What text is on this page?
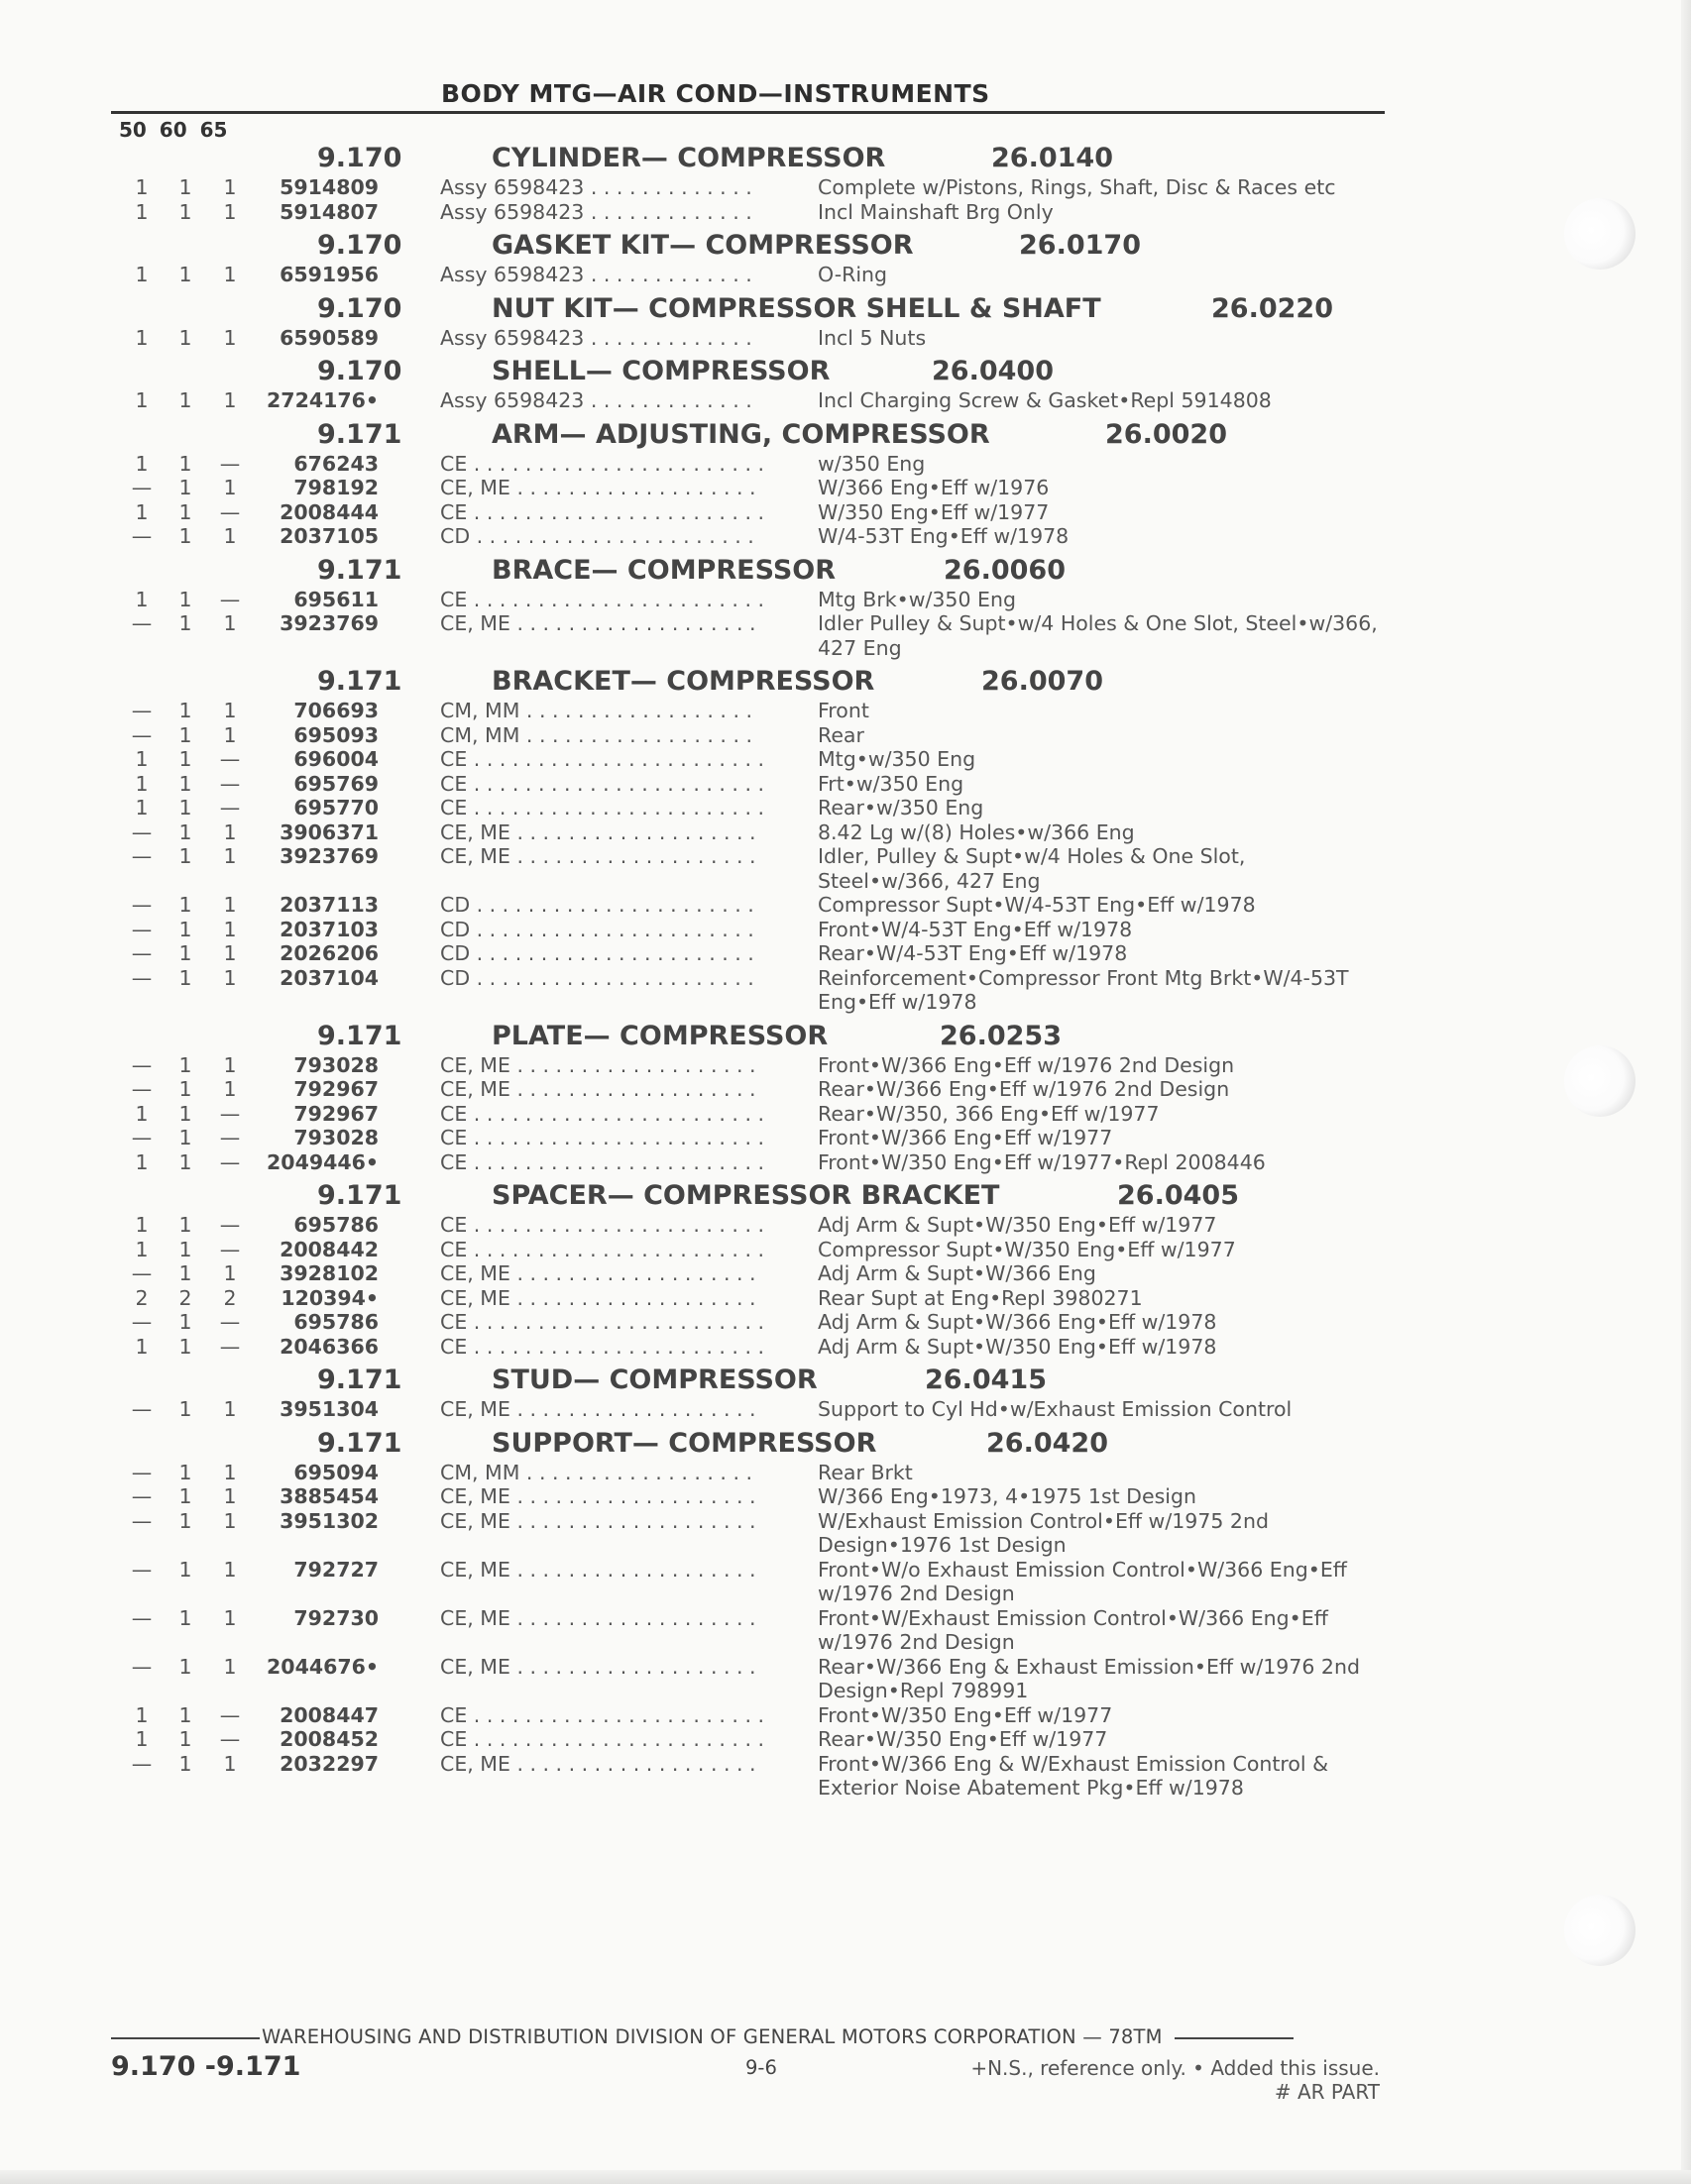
BODY MTG—AIR COND—INSTRUMENTS
50 60 65
9.170	CYLINDER— COMPRESSOR	26.0140
1	1	1	5914809	Assy 6598423 . . . . . . . . . . . . .	Complete w/Pistons, Rings, Shaft, Disc & Races etc
1	1	1	5914807	Assy 6598423 . . . . . . . . . . . . .	Incl Mainshaft Brg Only
9.170	GASKET KIT— COMPRESSOR	26.0170
1	1	1	6591956	Assy 6598423 . . . . . . . . . . . . .	O-Ring
9.170	NUT KIT— COMPRESSOR SHELL & SHAFT	26.0220
1	1	1	6590589	Assy 6598423 . . . . . . . . . . . . .	Incl 5 Nuts
9.170	SHELL— COMPRESSOR	26.0400
1	1	1	2724176•	Assy 6598423 . . . . . . . . . . . . .	Incl Charging Screw & Gasket•Repl 5914808
9.171	ARM— ADJUSTING, COMPRESSOR	26.0020
1	1	—	676243	CE . . . . . . . . . . . . . . . . . . . . . . .	w/350 Eng
—	1	1	798192	CE, ME . . . . . . . . . . . . . . . . . . .	W/366 Eng•Eff w/1976
1	1	—	2008444	CE . . . . . . . . . . . . . . . . . . . . . . .	W/350 Eng•Eff w/1977
—	1	1	2037105	CD . . . . . . . . . . . . . . . . . . . . . .	W/4-53T Eng•Eff w/1978
9.171	BRACE— COMPRESSOR	26.0060
1	1	—	695611	CE . . . . . . . . . . . . . . . . . . . . . . .	Mtg Brk•w/350 Eng
—	1	1	3923769	CE, ME . . . . . . . . . . . . . . . . . . .	Idler Pulley & Supt•w/4 Holes & One Slot, Steel•w/366, 427 Eng
9.171	BRACKET— COMPRESSOR	26.0070
—	1	1	706693	CM, MM . . . . . . . . . . . . . . . . . .	Front
—	1	1	695093	CM, MM . . . . . . . . . . . . . . . . . .	Rear
1	1	—	696004	CE . . . . . . . . . . . . . . . . . . . . . . .	Mtg•w/350 Eng
1	1	—	695769	CE . . . . . . . . . . . . . . . . . . . . . . .	Frt•w/350 Eng
1	1	—	695770	CE . . . . . . . . . . . . . . . . . . . . . . .	Rear•w/350 Eng
—	1	1	3906371	CE, ME . . . . . . . . . . . . . . . . . . .	8.42 Lg w/(8) Holes•w/366 Eng
—	1	1	3923769	CE, ME . . . . . . . . . . . . . . . . . . .	Idler, Pulley & Supt•w/4 Holes & One Slot, Steel•w/366, 427 Eng
—	1	1	2037113	CD . . . . . . . . . . . . . . . . . . . . . .	Compressor Supt•W/4-53T Eng•Eff w/1978
—	1	1	2037103	CD . . . . . . . . . . . . . . . . . . . . . .	Front•W/4-53T Eng•Eff w/1978
—	1	1	2026206	CD . . . . . . . . . . . . . . . . . . . . . .	Rear•W/4-53T Eng•Eff w/1978
—	1	1	2037104	CD . . . . . . . . . . . . . . . . . . . . . .	Reinforcement•Compressor Front Mtg Brkt•W/4-53T Eng•Eff w/1978
9.171	PLATE— COMPRESSOR	26.0253
—	1	1	793028	CE, ME . . . . . . . . . . . . . . . . . . .	Front•W/366 Eng•Eff w/1976 2nd Design
—	1	1	792967	CE, ME . . . . . . . . . . . . . . . . . . .	Rear•W/366 Eng•Eff w/1976 2nd Design
1	1	—	792967	CE . . . . . . . . . . . . . . . . . . . . . . .	Rear•W/350, 366 Eng•Eff w/1977
—	1	—	793028	CE . . . . . . . . . . . . . . . . . . . . . . .	Front•W/366 Eng•Eff w/1977
1	1	—	2049446•	CE . . . . . . . . . . . . . . . . . . . . . . .	Front•W/350 Eng•Eff w/1977•Repl 2008446
9.171	SPACER— COMPRESSOR BRACKET	26.0405
1	1	—	695786	CE . . . . . . . . . . . . . . . . . . . . . . .	Adj Arm & Supt•W/350 Eng•Eff w/1977
1	1	—	2008442	CE . . . . . . . . . . . . . . . . . . . . . . .	Compressor Supt•W/350 Eng•Eff w/1977
—	1	1	3928102	CE, ME . . . . . . . . . . . . . . . . . . .	Adj Arm & Supt•W/366 Eng
2	2	2	120394•	CE, ME . . . . . . . . . . . . . . . . . . .	Rear Supt at Eng•Repl 3980271
—	1	—	695786	CE . . . . . . . . . . . . . . . . . . . . . . .	Adj Arm & Supt•W/366 Eng•Eff w/1978
1	1	—	2046366	CE . . . . . . . . . . . . . . . . . . . . . . .	Adj Arm & Supt•W/350 Eng•Eff w/1978
9.171	STUD— COMPRESSOR	26.0415
—	1	1	3951304	CE, ME . . . . . . . . . . . . . . . . . . .	Support to Cyl Hd•w/Exhaust Emission Control
9.171	SUPPORT— COMPRESSOR	26.0420
—	1	1	695094	CM, MM . . . . . . . . . . . . . . . . . .	Rear Brkt
—	1	1	3885454	CE, ME . . . . . . . . . . . . . . . . . . .	W/366 Eng•1973, 4•1975 1st Design
—	1	1	3951302	CE, ME . . . . . . . . . . . . . . . . . . .	W/Exhaust Emission Control•Eff w/1975 2nd Design•1976 1st Design
—	1	1	792727	CE, ME . . . . . . . . . . . . . . . . . . .	Front•W/o Exhaust Emission Control•W/366 Eng•Eff w/1976 2nd Design
—	1	1	792730	CE, ME . . . . . . . . . . . . . . . . . . .	Front•W/Exhaust Emission Control•W/366 Eng•Eff w/1976 2nd Design
—	1	1	2044676•	CE, ME . . . . . . . . . . . . . . . . . . .	Rear•W/366 Eng & Exhaust Emission•Eff w/1976 2nd Design•Repl 798991
1	1	—	2008447	CE . . . . . . . . . . . . . . . . . . . . . . .	Front•W/350 Eng•Eff w/1977
1	1	—	2008452	CE . . . . . . . . . . . . . . . . . . . . . . .	Rear•W/350 Eng•Eff w/1977
—	1	1	2032297	CE, ME . . . . . . . . . . . . . . . . . . .	Front•W/366 Eng & W/Exhaust Emission Control & Exterior Noise Abatement Pkg•Eff w/1978
WAREHOUSING AND DISTRIBUTION DIVISION OF GENERAL MOTORS CORPORATION — 78TM
9.170 -9.171	9-6	+N.S., reference only. • Added this issue.
# AR PART
